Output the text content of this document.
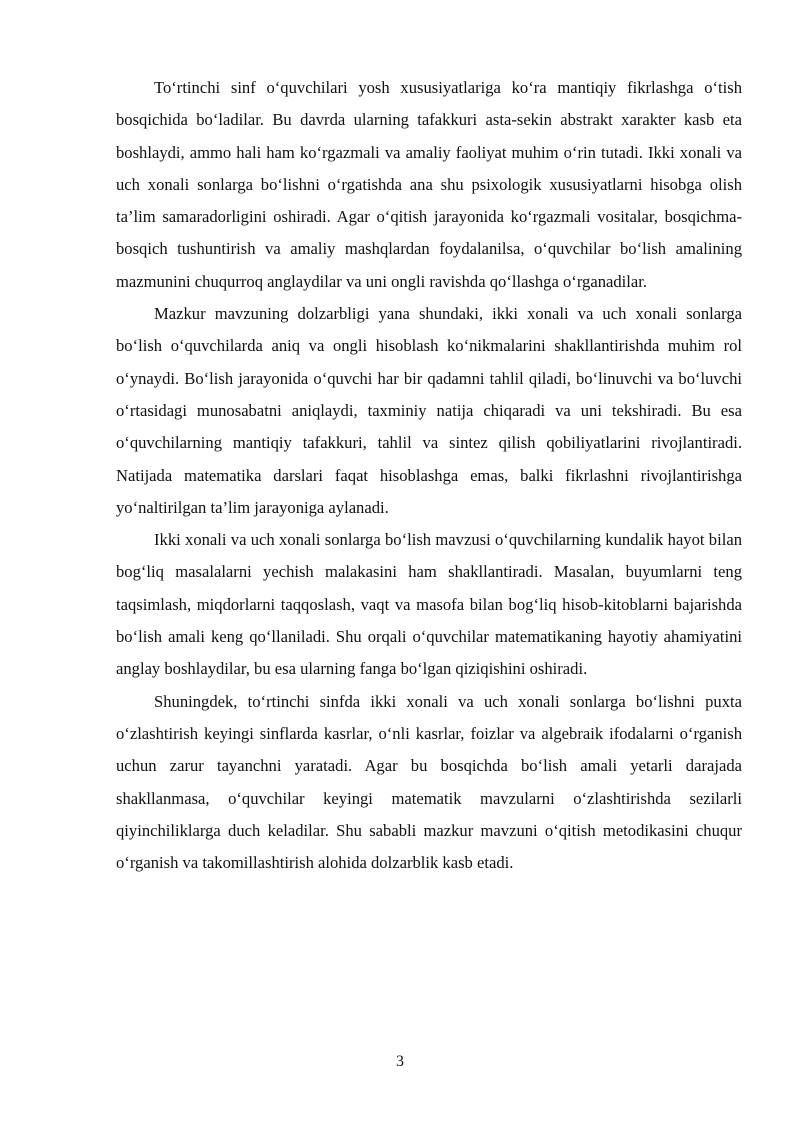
To‘rtinchi sinf o‘quvchilari yosh xususiyatlariga ko‘ra mantiqiy fikrlashga o‘tish bosqichida bo‘ladilar. Bu davrda ularning tafakkuri asta-sekin abstrakt xarakter kasb eta boshlaydi, ammo hali ham ko‘rgazmali va amaliy faoliyat muhim o‘rin tutadi. Ikki xonali va uch xonali sonlarga bo‘lishni o‘rgatishda ana shu psixologik xususiyatlarni hisobga olish ta’lim samaradorligini oshiradi. Agar o‘qitish jarayonida ko‘rgazmali vositalar, bosqichma-bosqich tushuntirish va amaliy mashqlardan foydalanilsa, o‘quvchilar bo‘lish amalining mazmunini chuqurroq anglaydilar va uni ongli ravishda qo‘llashga o‘rganadilar.

Mazkur mavzuning dolzarbligi yana shundaki, ikki xonali va uch xonali sonlarga bo‘lish o‘quvchilarda aniq va ongli hisoblash ko‘nikmalarini shakllantirishda muhim rol o‘ynaydi. Bo‘lish jarayonida o‘quvchi har bir qadamni tahlil qiladi, bo‘linuvchi va bo‘luvchi o‘rtasidagi munosabatni aniqlaydi, taxminiy natija chiqaradi va uni tekshiradi. Bu esa o‘quvchilarning mantiqiy tafakkuri, tahlil va sintez qilish qobiliyatlarini rivojlantiradi. Natijada matematika darslari faqat hisoblashga emas, balki fikrlashni rivojlantirishga yo‘naltirilgan ta’lim jarayoniga aylanadi.

Ikki xonali va uch xonali sonlarga bo‘lish mavzusi o‘quvchilarning kundalik hayot bilan bog‘liq masalalarni yechish malakasini ham shakllantiradi. Masalan, buyumlarni teng taqsimlash, miqdorlarni taqqoslash, vaqt va masofa bilan bog‘liq hisob-kitoblarni bajarishda bo‘lish amali keng qo‘llaniladi. Shu orqali o‘quvchilar matematikaning hayotiy ahamiyatini anglay boshlaydilar, bu esa ularning fanga bo‘lgan qiziqishini oshiradi.

Shuningdek, to‘rtinchi sinfda ikki xonali va uch xonali sonlarga bo‘lishni puxta o‘zlashtirish keyingi sinflarda kasrlar, o‘nli kasrlar, foizlar va algebraik ifodalarni o‘rganish uchun zarur tayanchni yaratadi. Agar bu bosqichda bo‘lish amali yetarli darajada shakllanmasa, o‘quvchilar keyingi matematik mavzularni o‘zlashtirishda sezilarli qiyinchiliklarga duch keladilar. Shu sababli mazkur mavzuni o‘qitish metodikasini chuqur o‘rganish va takomillashtirish alohida dolzarblik kasb etadi.

3
